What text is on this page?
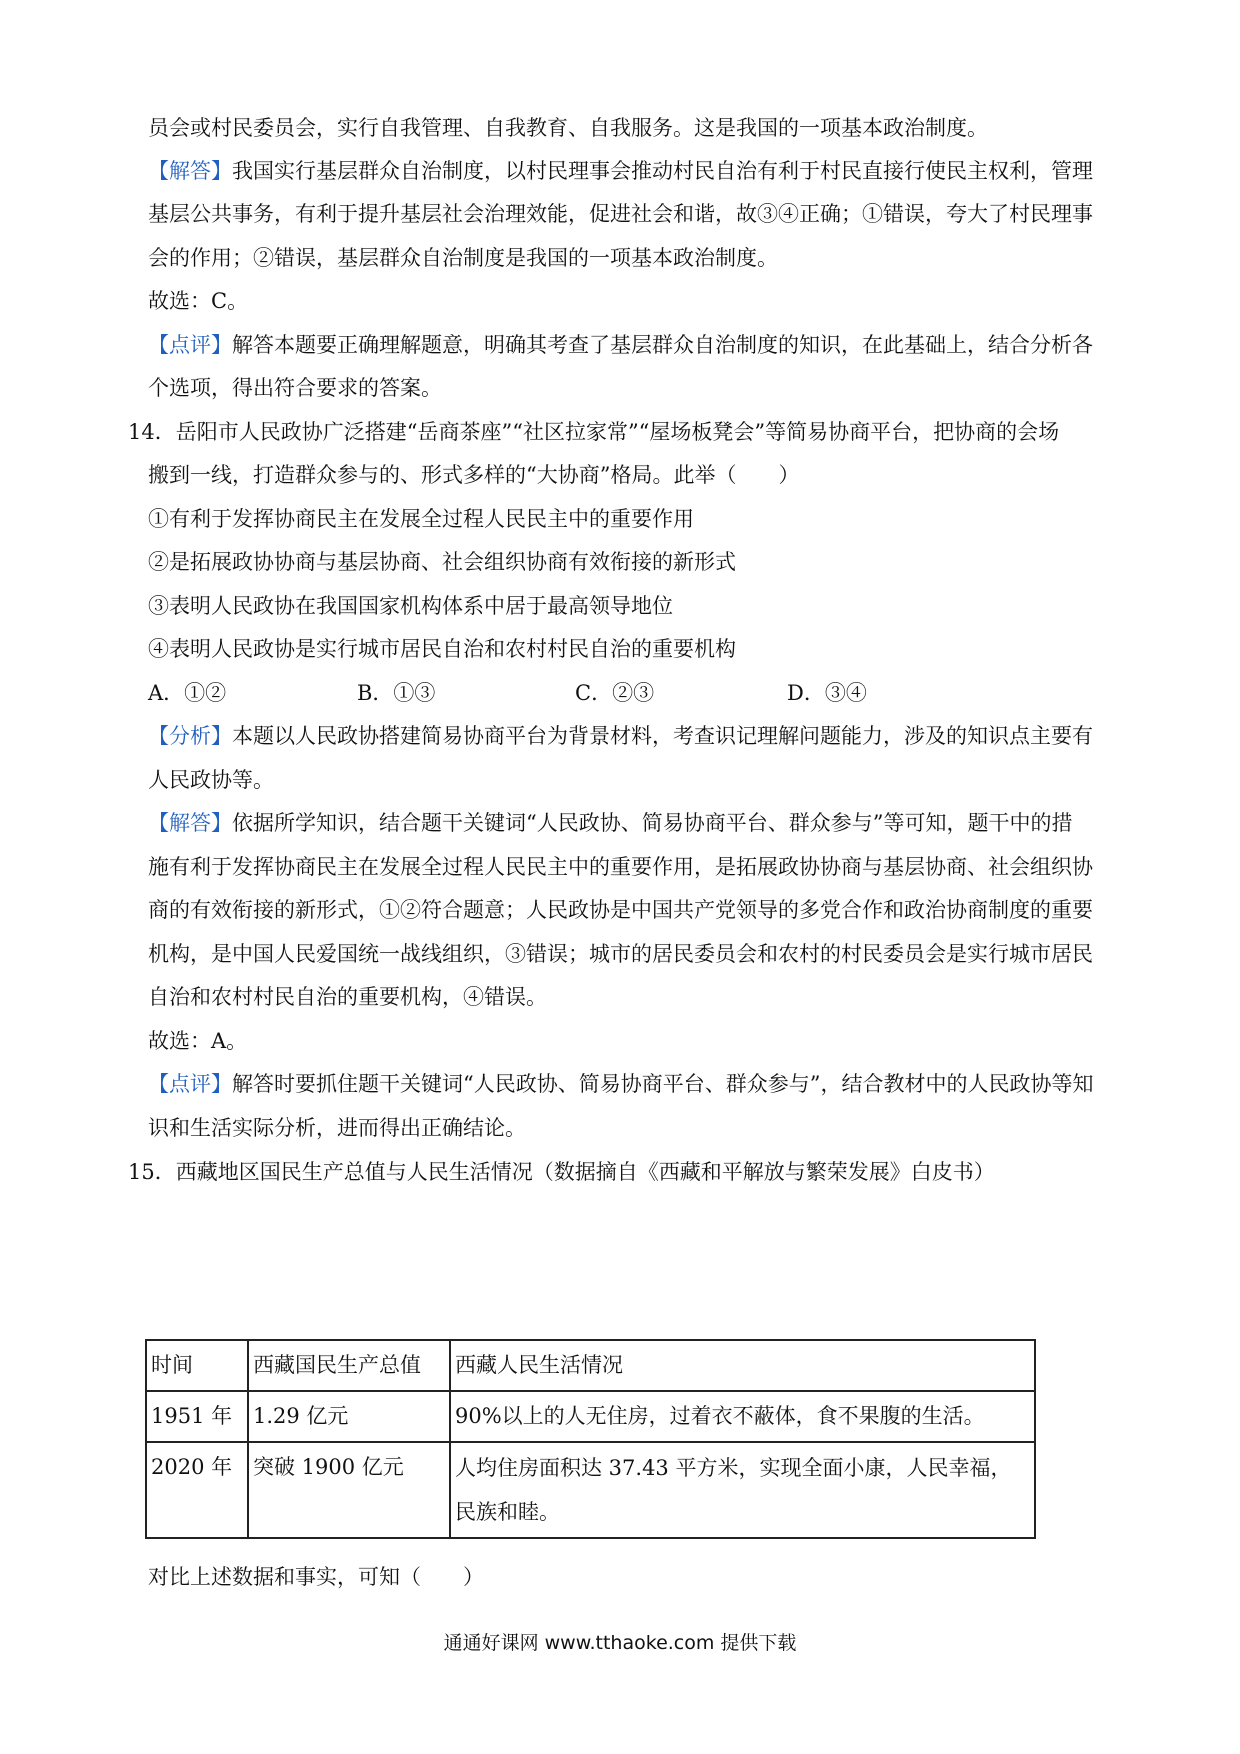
员会或村民委员会，实行自我管理、自我教育、自我服务。这是我国的一项基本政治制度。
【解答】我国实行基层群众自治制度，以村民理事会推动村民自治有利于村民直接行使民主权利，管理
基层公共事务，有利于提升基层社会治理效能，促进社会和谐，故③④正确；①错误，夸大了村民理事
会的作用；②错误，基层群众自治制度是我国的一项基本政治制度。
故选：C。
【点评】解答本题要正确理解题意，明确其考查了基层群众自治制度的知识，在此基础上，结合分析各
个选项，得出符合要求的答案。
14．岳阳市人民政协广泛搭建“岳商茶座”“社区拉家常”“屋场板凳会”等简易协商平台，把协商的会场
搬到一线，打造群众参与的、形式多样的“大协商”格局。此举（　　）
①有利于发挥协商民主在发展全过程人民民主中的重要作用
②是拓展政协协商与基层协商、社会组织协商有效衔接的新形式
③表明人民政协在我国国家机构体系中居于最高领导地位
④表明人民政协是实行城市居民自治和农村村民自治的重要机构
A．①②	B．①③	C．②③	D．③④
【分析】本题以人民政协搭建简易协商平台为背景材料，考查识记理解问题能力，涉及的知识点主要有
人民政协等。
【解答】依据所学知识，结合题干关键词“人民政协、简易协商平台、群众参与”等可知，题干中的措
施有利于发挥协商民主在发展全过程人民民主中的重要作用，是拓展政协协商与基层协商、社会组织协
商的有效衔接的新形式，①②符合题意；人民政协是中国共产党领导的多党合作和政治协商制度的重要
机构，是中国人民爱国统一战线组织，③错误；城市的居民委员会和农村的村民委员会是实行城市居民
自治和农村村民自治的重要机构，④错误。
故选：A。
【点评】解答时要抓住题干关键词“人民政协、简易协商平台、群众参与”，结合教材中的人民政协等知
识和生活实际分析，进而得出正确结论。
15．西藏地区国民生产总值与人民生活情况（数据摘自《西藏和平解放与繁荣发展》白皮书）
时间	西藏国民生产总值	西藏人民生活情况
1951 年	1.29 亿元	90%以上的人无住房，过着衣不蔽体，食不果腹的生活。
2020 年	突破 1900 亿元	人均住房面积达 37.43 平方米，实现全面小康，人民幸福，
民族和睦。
对比上述数据和事实，可知（　　）
通通好课网 www.tthaoke.com 提供下载
